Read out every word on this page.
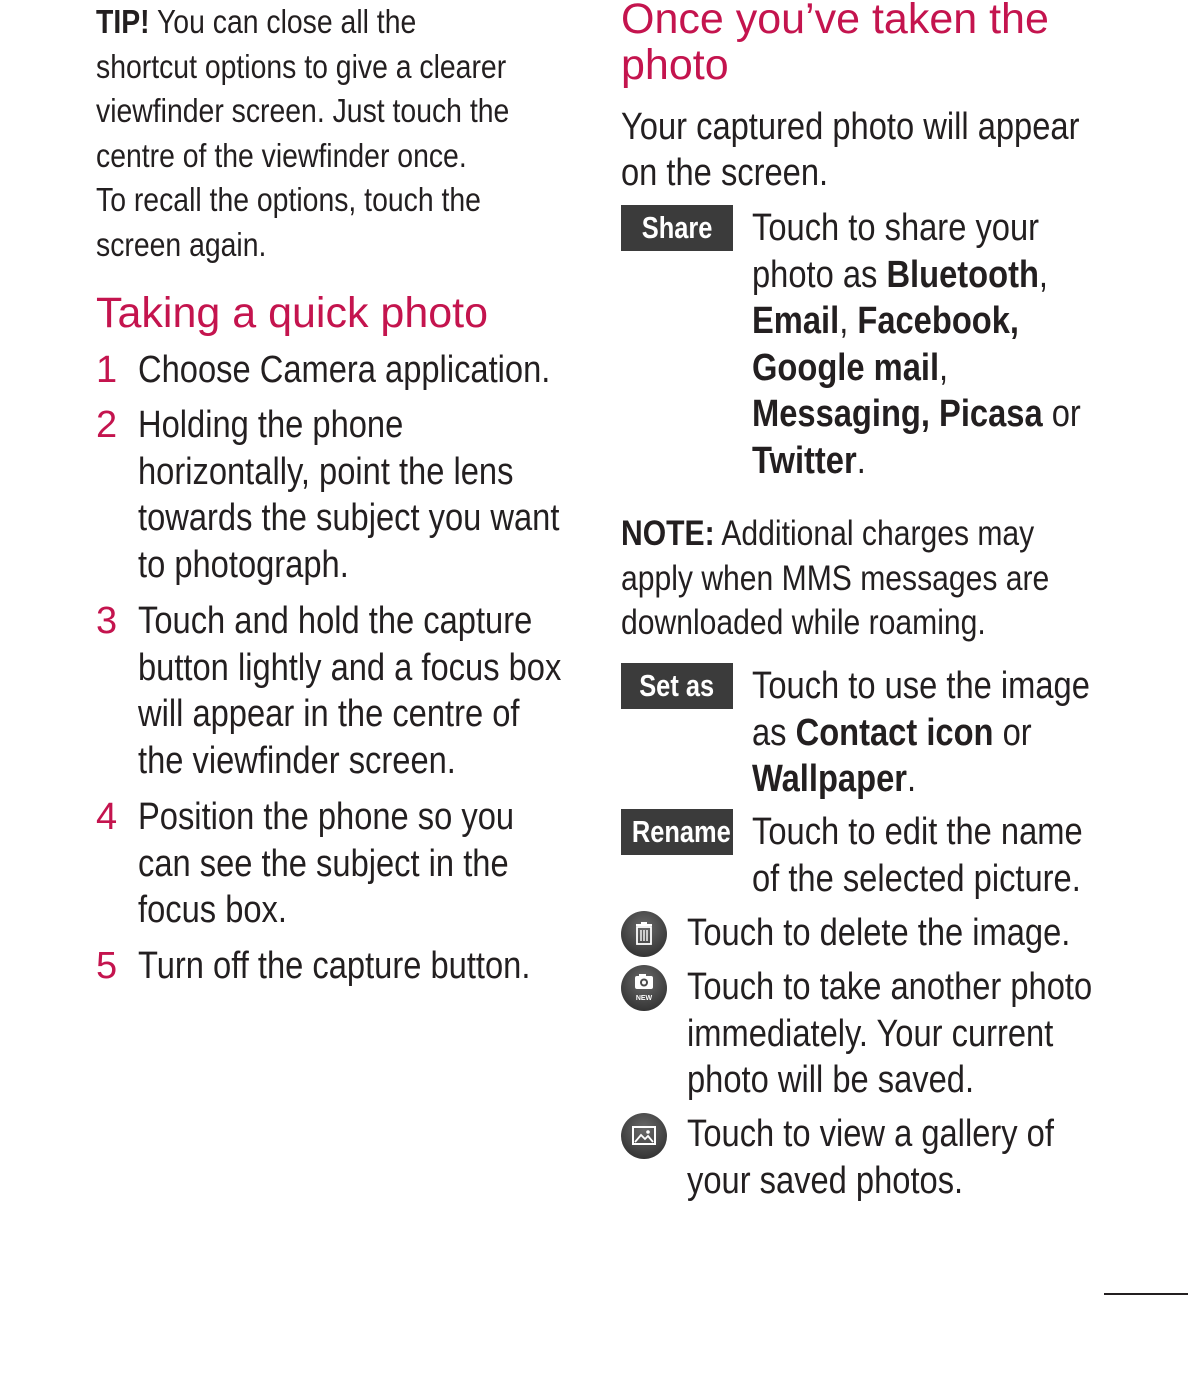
TIP! You can close all the
shortcut options to give a clearer
viewfinder screen. Just touch the
centre of the viewfinder once.
To recall the options, touch the
screen again.
Taking a quick photo
1 Choose Camera application.
2 Holding the phone
horizontally, point the lens
towards the subject you want
to photograph.
3 Touch and hold the capture
button lightly and a focus box
will appear in the centre of
the viewfinder screen.
4 Position the phone so you
can see the subject in the
focus box.
5 Turn off the capture button.
Once you’ve taken the
photo
Your captured photo will appear
on the screen.
Share	Touch to share your
photo as Bluetooth,
Email, Facebook,
Google mail,
Messaging, Picasa or
Twitter.
NOTE: Additional charges may
apply when MMS messages are
downloaded while roaming.
Set as Touch to use the image
as Contact icon or
Wallpaper.
Rename Touch to edit the name
of the selected picture.
Touch to delete the image.
NEW Touch to take another photo
immediately. Your current
photo will be saved.
Touch to view a gallery of
your saved photos.
